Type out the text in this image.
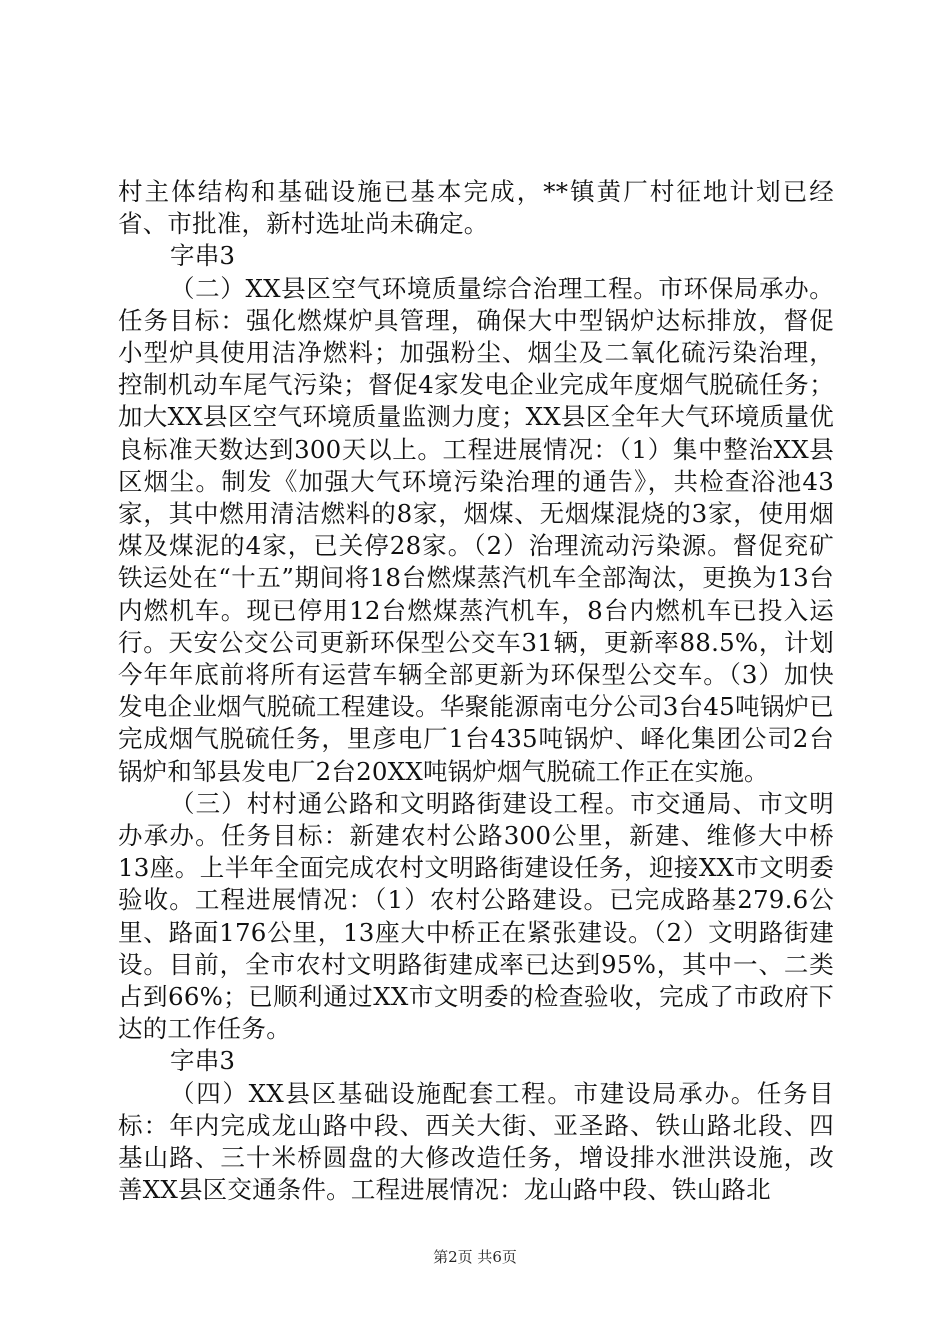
村主体结构和基础设施已基本完成，**镇黄厂村征地计划已经省、市批准，新村选址尚未确定。

字串3

（二）XX县区空气环境质量综合治理工程。市环保局承办。任务目标：强化燃煤炉具管理，确保大中型锅炉达标排放，督促小型炉具使用洁净燃料；加强粉尘、烟尘及二氧化硫污染治理，控制机动车尾气污染；督促4家发电企业完成年度烟气脱硫任务；加大XX县区空气环境质量监测力度；XX县区全年大气环境质量优良标准天数达到300天以上。工程进展情况：（1）集中整治XX县区烟尘。制发《加强大气环境污染治理的通告》，共检查浴池43家，其中燃用清洁燃料的8家，烟煤、无烟煤混烧的3家，使用烟煤及煤泥的4家，已关停28家。（2）治理流动污染源。督促兖矿铁运处在“十五”期间将18台燃煤蒸汽机车全部淘汰，更换为13台内燃机车。现已停用12台燃煤蒸汽机车，8台内燃机车已投入运行。天安公交公司更新环保型公交车31辆，更新率88.5%，计划今年年底前将所有运营车辆全部更新为环保型公交车。（3）加快发电企业烟气脱硫工程建设。华聚能源南屯分公司3台45吨锅炉已完成烟气脱硫任务，里彦电厂1台435吨锅炉、峄化集团公司2台锅炉和邹县发电厂2台20XX吨锅炉烟气脱硫工作正在实施。

（三）村村通公路和文明路街建设工程。市交通局、市文明办承办。任务目标：新建农村公路300公里，新建、维修大中桥13座。上半年全面完成农村文明路街建设任务，迎接XX市文明委验收。工程进展情况：（1）农村公路建设。已完成路基279.6公里、路面176公里，13座大中桥正在紧张建设。（2）文明路街建设。目前，全市农村文明路街建成率已达到95%，其中一、二类占到66%；已顺利通过XX市文明委的检查验收，完成了市政府下达的工作任务。

字串3

（四）XX县区基础设施配套工程。市建设局承办。任务目标：年内完成龙山路中段、西关大街、亚圣路、铁山路北段、四基山路、三十米桥圆盘的大修改造任务，增设排水泄洪设施，改善XX县区交通条件。工程进展情况：龙山路中段、铁山路北

第2页 共6页
